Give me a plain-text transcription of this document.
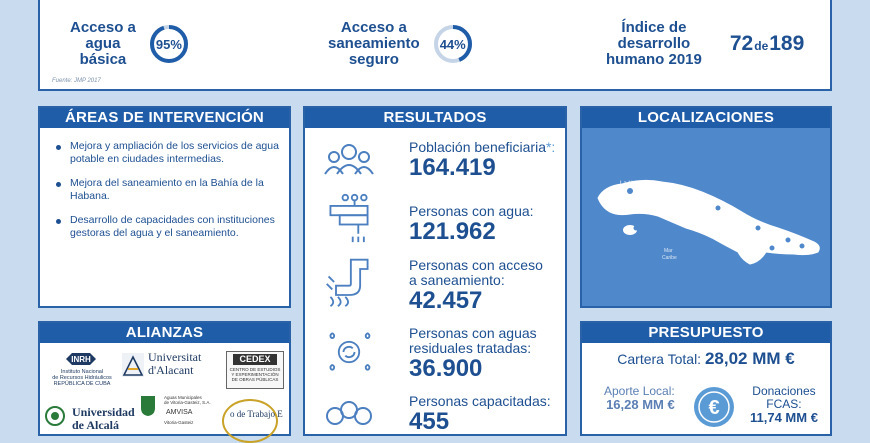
Acceso a
agua
básica
95%
Acceso a
saneamiento
seguro
44%
Índice de
desarrollo
humano 2019
72de189
Fuente: JMP 2017
ÁREAS DE INTERVENCIÓN
Mejora y ampliación de los servicios de agua potable en ciudades intermedias.
Mejora del saneamiento en la Bahía de la Habana.
Desarrollo de capacidades con instituciones gestoras del agua y el saneamiento.
RESULTADOS
Población beneficiaria*:
164.419
Personas con agua:
121.962
Personas con acceso
a saneamiento:
42.457
Personas con aguas
residuales tratadas:
36.900
Personas capacitadas:
455
LOCALIZACIONES
La Habana
Mar
Caribe
ALIANZAS
INRH
Instituto Nacional
de Recursos Hidráulicos
REPÚBLICA DE CUBA
Universitat
d'Alacant
CEDEX
CENTRO DE ESTUDIOS
Y EXPERIMENTACIÓN
DE OBRAS PÚBLICAS
Universidad
de Alcalá
Aguas Municipales
de Vitoria-Gasteiz, S.A.
AMVISA
Vitoria-Gasteiz
o de Trabajo E
PRESUPUESTO
Cartera Total: 28,02 MM €
Aporte Local:
16,28 MM € €
Donaciones
FCAS:
11,74 MM €
